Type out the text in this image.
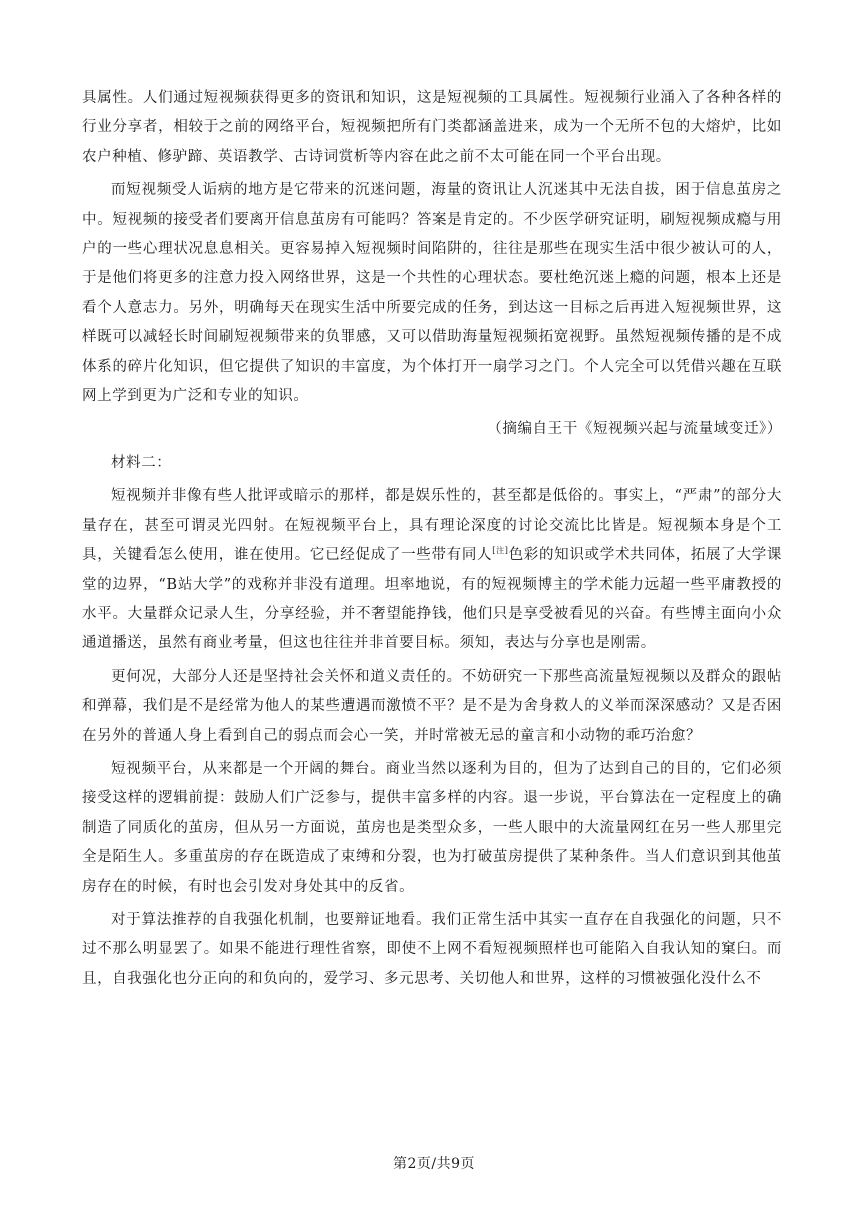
具属性。人们通过短视频获得更多的资讯和知识，这是短视频的工具属性。短视频行业涌入了各种各样的行业分享者，相较于之前的网络平台，短视频把所有门类都涵盖进来，成为一个无所不包的大熔炉，比如农户种植、修驴蹄、英语教学、古诗词赏析等内容在此之前不太可能在同一个平台出现。

而短视频受人诟病的地方是它带来的沉迷问题，海量的资讯让人沉迷其中无法自拔，困于信息茧房之中。短视频的接受者们要离开信息茧房有可能吗？答案是肯定的。不少医学研究证明，刷短视频成瘾与用户的一些心理状况息息相关。更容易掉入短视频时间陷阱的，往往是那些在现实生活中很少被认可的人，于是他们将更多的注意力投入网络世界，这是一个共性的心理状态。要杜绝沉迷上瘾的问题，根本上还是看个人意志力。另外，明确每天在现实生活中所要完成的任务，到达这一目标之后再进入短视频世界，这样既可以减轻长时间刷短视频带来的负罪感，又可以借助海量短视频拓宽视野。虽然短视频传播的是不成体系的碎片化知识，但它提供了知识的丰富度，为个体打开一扇学习之门。个人完全可以凭借兴趣在互联网上学到更为广泛和专业的知识。

（摘编自王干《短视频兴起与流量域变迁》）

材料二：

短视频并非像有些人批评或暗示的那样，都是娱乐性的，甚至都是低俗的。事实上，“严肃”的部分大量存在，甚至可谓灵光四射。在短视频平台上，具有理论深度的讨论交流比比皆是。短视频本身是个工具，关键看怎么使用，谁在使用。它已经促成了一些带有同人[注]色彩的知识或学术共同体，拓展了大学课堂的边界，“B站大学”的戏称并非没有道理。坦率地说，有的短视频博主的学术能力远超一些平庸教授的水平。大量群众记录人生，分享经验，并不奢望能挣钱，他们只是享受被看见的兴奋。有些博主面向小众通道播送，虽然有商业考量，但这也往往并非首要目标。须知，表达与分享也是刚需。

更何况，大部分人还是坚持社会关怀和道义责任的。不妨研究一下那些高流量短视频以及群众的跟帖和弹幕，我们是不是经常为他人的某些遭遇而激愤不平？是不是为舍身救人的义举而深深感动？又是否困在另外的普通人身上看到自己的弱点而会心一笑，并时常被无忌的童言和小动物的乖巧治愈？

短视频平台，从来都是一个开阔的舞台。商业当然以逐利为目的，但为了达到自己的目的，它们必须接受这样的逻辑前提：鼓励人们广泛参与，提供丰富多样的内容。退一步说，平台算法在一定程度上的确制造了同质化的茧房，但从另一方面说，茧房也是类型众多，一些人眼中的大流量网红在另一些人那里完全是陌生人。多重茧房的存在既造成了束缚和分裂，也为打破茧房提供了某种条件。当人们意识到其他茧房存在的时候，有时也会引发对身处其中的反省。

对于算法推荐的自我强化机制，也要辩证地看。我们正常生活中其实一直存在自我强化的问题，只不过不那么明显罢了。如果不能进行理性省察，即使不上网不看短视频照样也可能陷入自我认知的窠臼。而且，自我强化也分正向的和负向的，爱学习、多元思考、关切他人和世界，这样的习惯被强化没什么不

第2页/共9页
